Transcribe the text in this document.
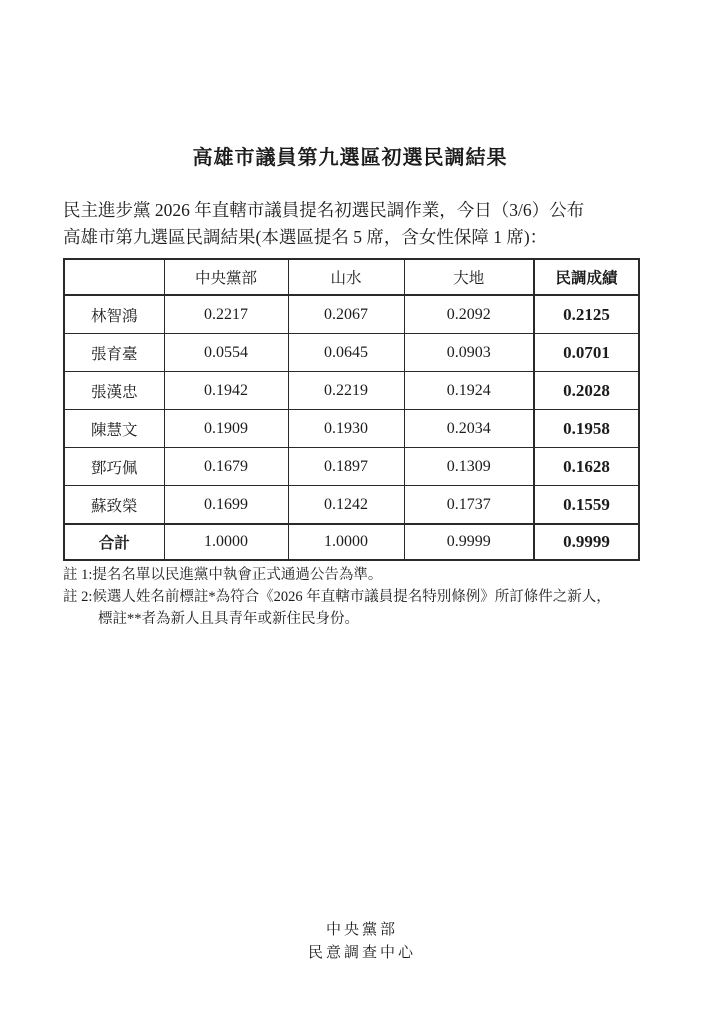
高雄市議員第九選區初選民調結果
民主進步黨 2026 年直轄市議員提名初選民調作業，今日（3/6）公布
高雄市第九選區民調結果(本選區提名 5 席，含女性保障 1 席)：
	中央黨部	山水	大地	民調成績
林智鴻	0.2217	0.2067	0.2092	0.2125
張育臺	0.0554	0.0645	0.0903	0.0701
張漢忠	0.1942	0.2219	0.1924	0.2028
陳慧文	0.1909	0.1930	0.2034	0.1958
鄧巧佩	0.1679	0.1897	0.1309	0.1628
蘇致榮	0.1699	0.1242	0.1737	0.1559
合計	1.0000	1.0000	0.9999	0.9999
註 1:提名名單以民進黨中執會正式通過公告為準。
註 2:候選人姓名前標註*為符合《2026 年直轄市議員提名特別條例》所訂條件之新人，
標註**者為新人且具青年或新住民身份。
中央黨部
民意調查中心
